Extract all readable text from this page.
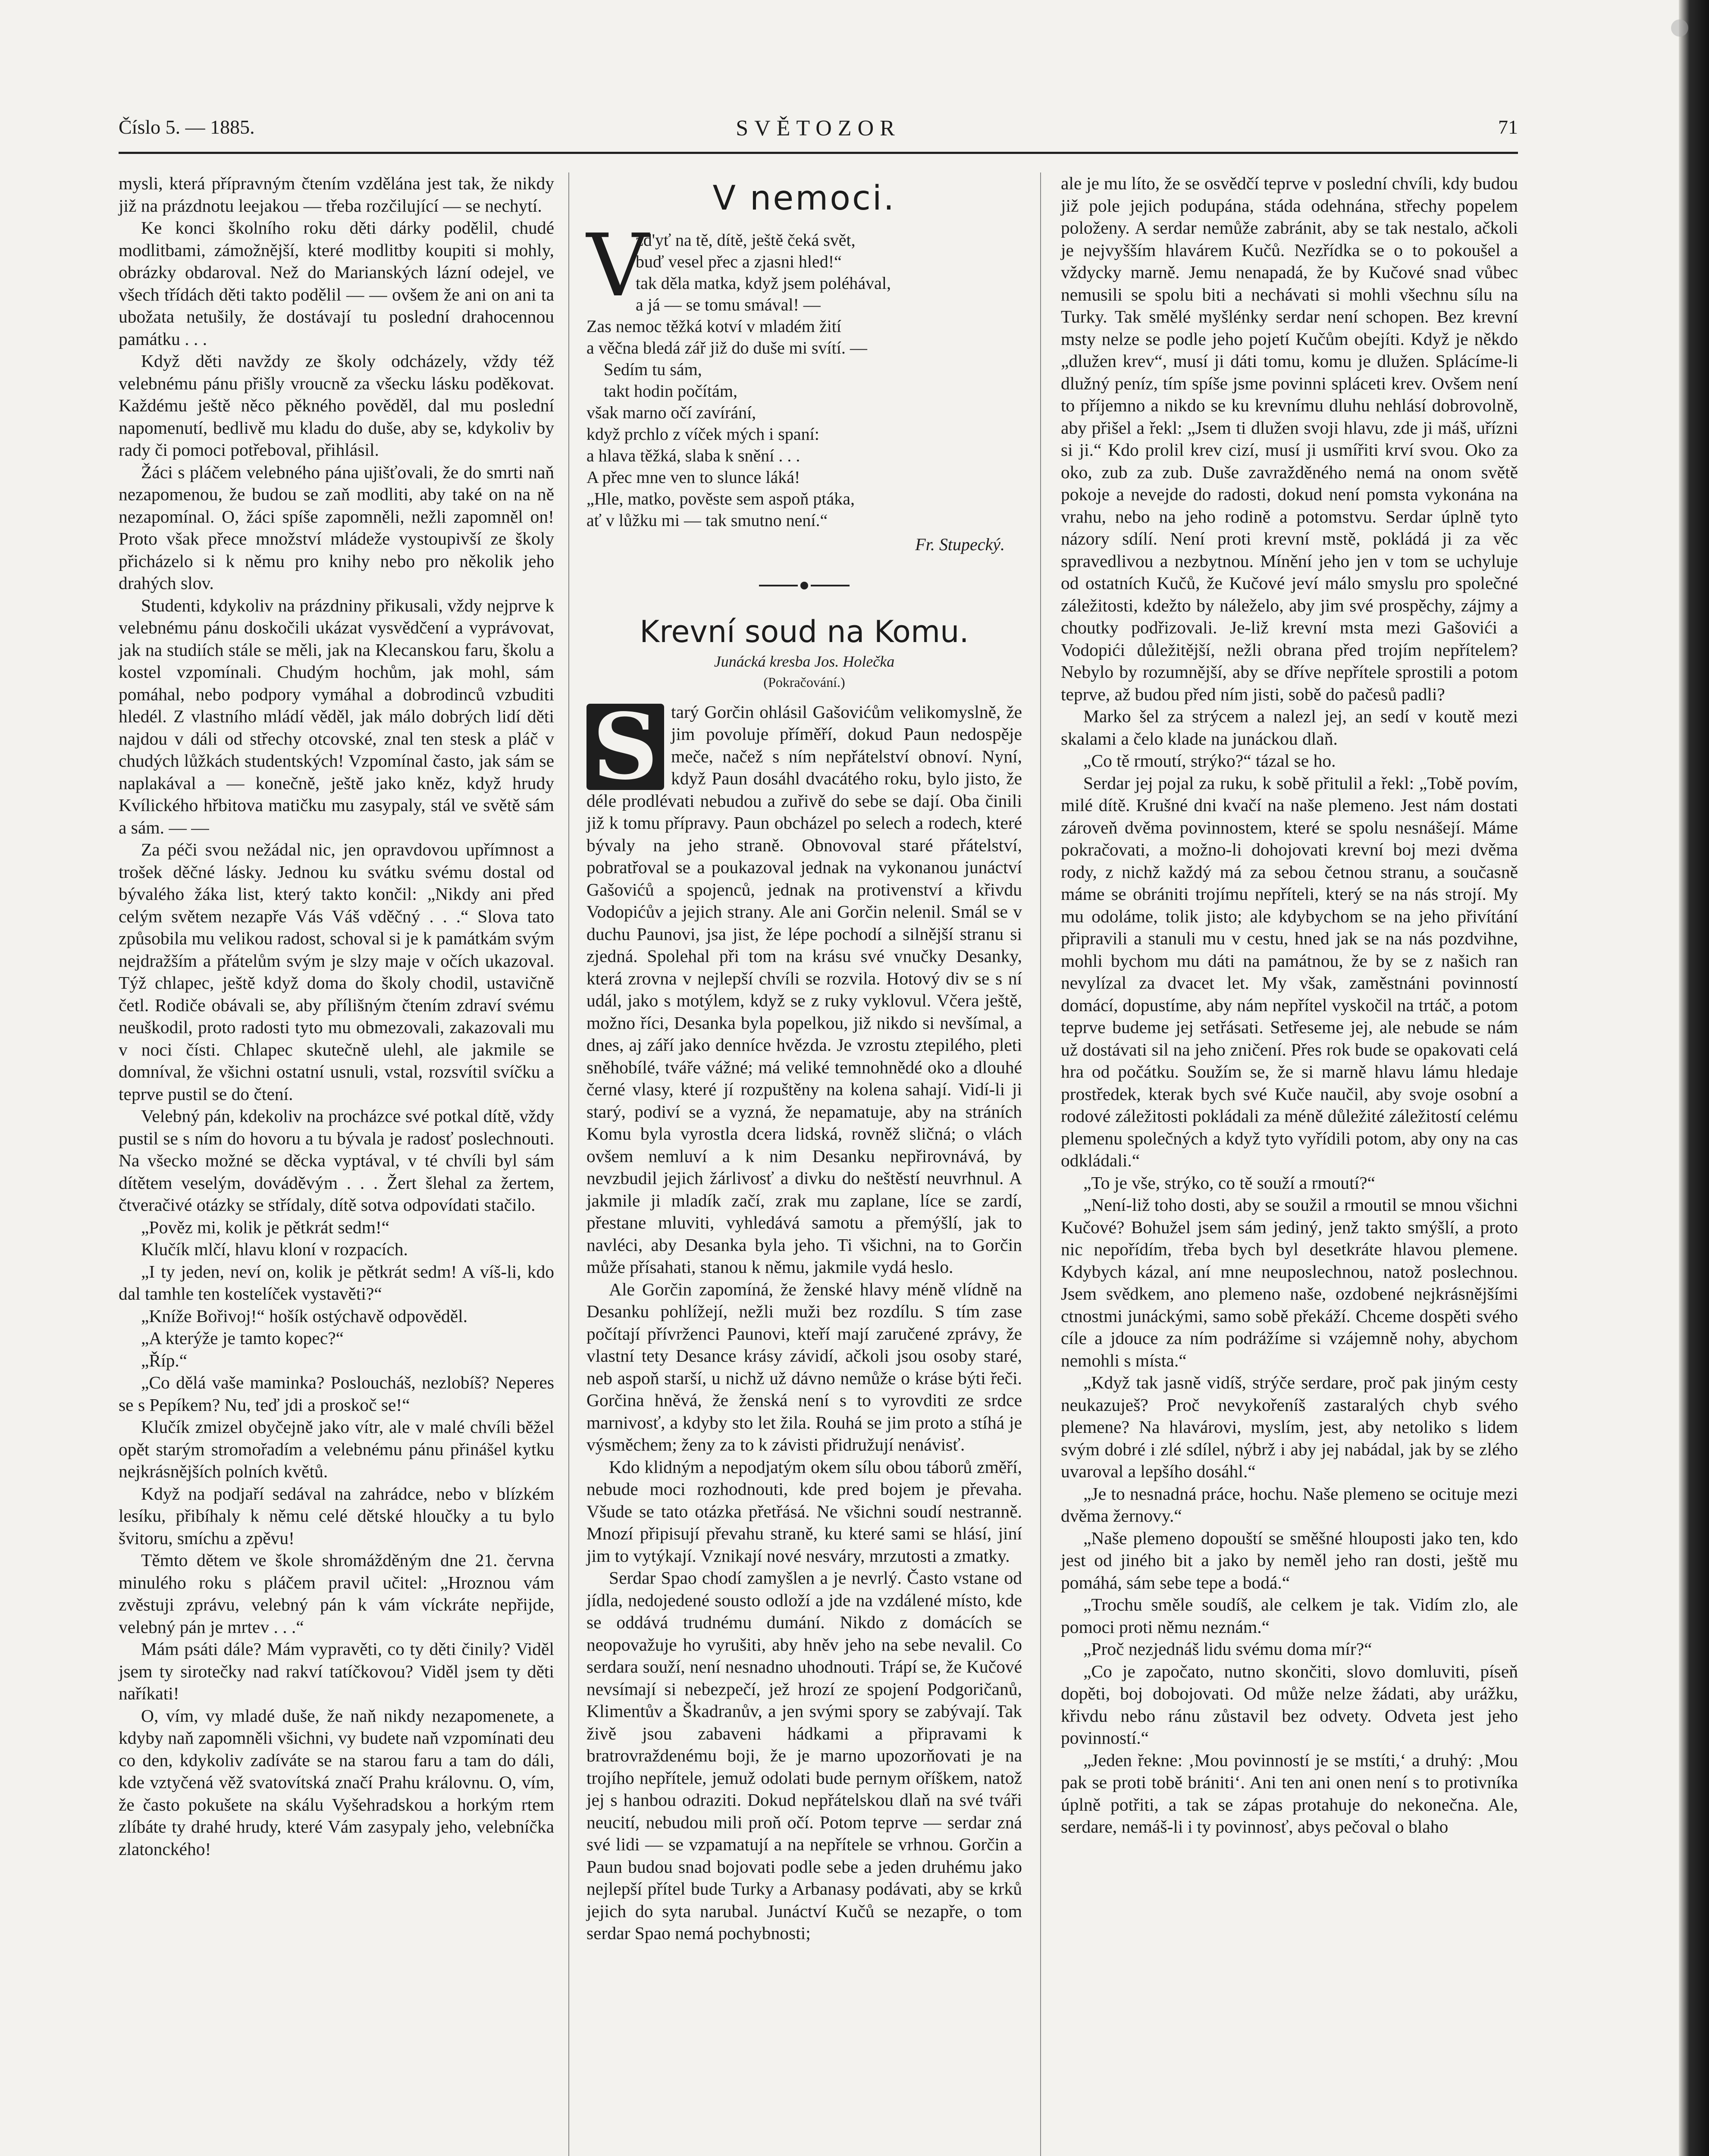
Číslo 5. — 1885.	SVĚTOZOR	71

mysli, která přípravným čtením vzdělána jest tak, že nikdy již na prázdnotu leejakou — třeba rozčilující — se nechytí.

Ke konci školního roku děti dárky podělil, chudé modlitbami, zámožnější, které modlitby koupiti si mohly, obrázky obdaroval. Než do Marianských lázní odejel, ve všech třídách děti takto podělil — — ovšem že ani on ani ta ubožata netušily, že dostávají tu poslední drahocennou památku . . .

Když děti navždy ze školy odcházely, vždy též velebnému pánu přišly vroucně za všecku lásku poděkovat. Každému ještě něco pěkného pověděl, dal mu poslední napomenutí, bedlivě mu kladu do duše, aby se, kdykoliv by rady či pomoci potřeboval, přihlásil.

Žáci s pláčem velebného pána ujišťovali, že do smrti naň nezapomenou, že budou se zaň modliti, aby také on na ně nezapomínal. O, žáci spíše zapomněli, nežli zapomněl on! Proto však přece množství mládeže vystoupivší ze školy přicházelo si k němu pro knihy nebo pro několik jeho drahých slov.

Studenti, kdykoliv na prázdniny přikusali, vždy nejprve k velebnému pánu doskočili ukázat vysvědčení a vyprávovat, jak na studiích stále se měli, jak na Klecanskou faru, školu a kostel vzpomínali. Chudým hochům, jak mohl, sám pomáhal, nebo podpory vymáhal a dobrodinců vzbuditi hledél. Z vlastního mládí věděl, jak málo dobrých lidí děti najdou v dáli od střechy otcovské, znal ten stesk a pláč v chudých lůžkách studentských! Vzpomínal často, jak sám se naplakával a — konečně, ještě jako kněz, když hrudy Kvílického hřbitova matičku mu zasypaly, stál ve světě sám a sám. — —

Za péči svou nežádal nic, jen opravdovou upřímnost a trošek děčné lásky. Jednou ku svátku svému dostal od bývalého žáka list, který takto končil: „Nikdy ani před celým světem nezapře Vás Váš vděčný . . .“ Slova tato způsobila mu velikou radost, schoval si je k památkám svým nejdražším a přátelům svým je slzy maje v očích ukazoval. Týž chlapec, ještě když doma do školy chodil, ustavičně četl. Rodiče obávali se, aby přílišným čtením zdraví svému neuškodil, proto radosti tyto mu obmezovali, zakazovali mu v noci čísti. Chlapec skutečně ulehl, ale jakmile se domníval, že všichni ostatní usnuli, vstal, rozsvítil svíčku a teprve pustil se do čtení.

Velebný pán, kdekoliv na procházce své potkal dítě, vždy pustil se s ním do hovoru a tu bývala je radosť poslechnouti. Na všecko možné se děcka vyptával, v té chvíli byl sám dítětem veselým, dováděvým . . . Žert šlehal za žertem, čtveračivé otázky se střídaly, dítě sotva odpovídati stačilo.

„Pověz mi, kolik je pětkrát sedm!“

Klučík mlčí, hlavu kloní v rozpacích.

„I ty jeden, neví on, kolik je pětkrát sedm! A víš-li, kdo dal tamhle ten kostelíček vystavěti?“

„Kníže Bořivoj!“ hošík ostýchavě odpověděl.

„A kterýže je tamto kopec?“

„Říp.“

„Co dělá vaše maminka? Posloucháš, nezlobíš? Neperes se s Pepíkem? Nu, teď jdi a proskoč se!“

Klučík zmizel obyčejně jako vítr, ale v malé chvíli běžel opět starým stromořadím a velebnému pánu přinášel kytku nejkrásnějších polních květů.

Když na podjaří sedával na zahrádce, nebo v blízkém lesíku, přibíhaly k němu celé dětské hloučky a tu bylo švitoru, smíchu a zpěvu!

Těmto dětem ve škole shromážděným dne 21. června minulého roku s pláčem pravil učitel: „Hroznou vám zvěstuji zprávu, velebný pán k vám víckráte nepřijde, velebný pán je mrtev . . .“

Mám psáti dále? Mám vypravěti, co ty děti činily? Viděl jsem ty sirotečky nad rakví tatíčkovou? Viděl jsem ty děti naříkati!

O, vím, vy mladé duše, že naň nikdy nezapomenete, a kdyby naň zapomněli všichni, vy budete naň vzpomínati deu co den, kdykoliv zadíváte se na starou faru a tam do dáli, kde vztyčená věž svatovítská značí Prahu královnu. O, vím, že často pokušete na skálu Vyšehradskou a horkým rtem zlíbáte ty drahé hrudy, které Vám zasypaly jeho, velebníčka zlatonckého!

V nemoci.
V
žd'yť na tě, dítě, ještě čeká svět,
buď vesel přec a zjasni hled!“
tak děla matka, když jsem poléhával,
a já — se tomu smával! —
Zas nemoc těžká kotví v mladém žití
a věčna bledá zář již do duše mi svítí. —
Sedím tu sám,
takt hodin počítám,
však marno očí zavírání,
když prchlo z víček mých i spaní:
a hlava těžká, slaba k snění . . .
A přec mne ven to slunce láká!
„Hle, matko, pověste sem aspoň ptáka,
ať v lůžku mi — tak smutno není.“
Fr. Stupecký.
Krevní soud na Komu.
Junácká kresba Jos. Holečka
(Pokračování.)
S tarý Gorčin ohlásil Gašovićům velikomyslně, že jim povoluje příměří, dokud Paun nedospěje meče, načež s ním nepřátelství obnoví. Nyní, když Paun dosáhl dvacátého roku, bylo jisto, že déle prodlévati nebudou a zuřivě do sebe se dají. Oba činili již k tomu přípravy. Paun obcházel po selech a rodech, které bývaly na jeho straně. Obnovoval staré přátelství, pobratřoval se a poukazoval jednak na vykonanou junáctví Gašovićů a spojenců, jednak na protivenství a křivdu Vodopićův a jejich strany. Ale ani Gorčin nelenil. Smál se v duchu Paunovi, jsa jist, že lépe pochodí a silnější stranu si zjedná. Spolehal při tom na krásu své vnučky Desanky, která zrovna v nejlepší chvíli se rozvila. Hotový div se s ní udál, jako s motýlem, když se z ruky vyklovul. Včera ještě, možno říci, Desanka byla popelkou, již nikdo si nevšímal, a dnes, aj září jako denníce hvězda. Je vzrostu ztepilého, pleti sněhobílé, tváře vážné; má veliké temnohnědé oko a dlouhé černé vlasy, které jí rozpuštěny na kolena sahají. Vidí-li ji starý, podiví se a vyzná, že nepamatuje, aby na stráních Komu byla vyrostla dcera lidská, rovněž sličná; o vlách ovšem nemluví a k nim Desanku nepřirovnává, by nevzbudil jejich žárlivosť a divku do neštěstí neuvrhnul. A jakmile ji mladík začí, zrak mu zaplane, líce se zardí, přestane mluviti, vyhledává samotu a přemýšlí, jak to navléci, aby Desanka byla jeho. Ti všichni, na to Gorčin může přísahati, stanou k němu, jakmile vydá heslo.

Ale Gorčin zapomíná, že ženské hlavy méně vlídně na Desanku pohlížejí, nežli muži bez rozdílu. S tím zase počítají přívrženci Paunovi, kteří mají zaručené zprávy, že vlastní tety Desance krásy závidí, ačkoli jsou osoby staré, neb aspoň starší, u nichž už dávno nemůže o kráse býti řeči. Gorčina hněvá, že ženská není s to vyrovditi ze srdce marnivosť, a kdyby sto let žila. Rouhá se jim proto a stíhá je výsměchem; ženy za to k závisti přidružují nenávisť.

Kdo klidným a nepodjatým okem sílu obou táborů změří, nebude moci rozhodnouti, kde pred bojem je převaha. Všude se tato otázka přetřásá. Ne všichni soudí nestranně. Mnozí připisují převahu straně, ku které sami se hlásí, jiní jim to vytýkají. Vznikají nové nesváry, mrzutosti a zmatky.

Serdar Spao chodí zamyšlen a je nevrlý. Často vstane od jídla, nedojedené sousto odloží a jde na vzdálené místo, kde se oddává trudnému dumání. Nikdo z domácích se neopovažuje ho vyrušiti, aby hněv jeho na sebe nevalil. Co serdara souží, není nesnadno uhodnouti. Trápí se, že Kučové nevsímají si nebezpečí, jež hrozí ze spojení Podgoričanů, Klimentův a Škadranův, a jen svými spory se zabývají. Tak živě jsou zabaveni hádkami a připravami k bratrovraždenému boji, že je marno upozorňovati je na trojího nepřítele, jemuž odolati bude pernym oříškem, natož jej s hanbou odraziti. Dokud nepřátelskou dlaň na své tváři neucití, nebudou mili proň očí. Potom teprve — serdar zná své lidi — se vzpamatují a na nepřítele se vrhnou. Gorčin a Paun budou snad bojovati podle sebe a jeden druhému jako nejlepší přítel bude Turky a Arbanasy podávati, aby se krků jejich do syta narubal. Junáctví Kučů se nezapře, o tom serdar Spao nemá pochybnosti;

ale je mu líto, že se osvědčí teprve v poslední chvíli, kdy budou již pole jejich podupána, stáda odehnána, střechy popelem položeny. A serdar nemůže zabránit, aby se tak nestalo, ačkoli je nejvyšším hlavárem Kučů. Nezřídka se o to pokoušel a vždycky marně. Jemu nenapadá, že by Kučové snad vůbec nemusili se spolu biti a nechávati si mohli všechnu sílu na Turky. Tak smělé myšlénky serdar není schopen. Bez krevní msty nelze se podle jeho pojetí Kučům obejíti. Když je někdo „dlužen krev“, musí ji dáti tomu, komu je dlužen. Splácíme-li dlužný peníz, tím spíše jsme povinni spláceti krev. Ovšem není to příjemno a nikdo se ku krevnímu dluhu nehlásí dobrovolně, aby přišel a řekl: „Jsem ti dlužen svoji hlavu, zde ji máš, uřízni si ji.“ Kdo prolil krev cizí, musí ji usmířiti krví svou. Oko za oko, zub za zub. Duše zavražděného nemá na onom světě pokoje a nevejde do radosti, dokud není pomsta vykonána na vrahu, nebo na jeho rodině a potomstvu. Serdar úplně tyto názory sdílí. Není proti krevní mstě, pokládá ji za věc spravedlivou a nezbytnou. Mínění jeho jen v tom se uchyluje od ostatních Kučů, že Kučové jeví málo smyslu pro společné záležitosti, kdežto by náleželo, aby jim své prospěchy, zájmy a choutky podřizovali. Je-liž krevní msta mezi Gašovići a Vodopići důležitější, nežli obrana před trojím nepřítelem? Nebylo by rozumnější, aby se dříve nepřítele sprostili a potom teprve, až budou před ním jisti, sobě do pačesů padli?

Marko šel za strýcem a nalezl jej, an sedí v koutě mezi skalami a čelo klade na junáckou dlaň.

„Co tě rmoutí, strýko?“ tázal se ho.

Serdar jej pojal za ruku, k sobě přitulil a řekl: „Tobě povím, milé dítě. Krušné dni kvačí na naše plemeno. Jest nám dostati zároveň dvěma povinnostem, které se spolu nesnášejí. Máme pokračovati, a možno-li dohojovati krevní boj mezi dvěma rody, z nichž každý má za sebou četnou stranu, a současně máme se obrániti trojímu nepříteli, který se na nás strojí. My mu odoláme, tolik jisto; ale kdybychom se na jeho přivítání připravili a stanuli mu v cestu, hned jak se na nás pozdvihne, mohli bychom mu dáti na památnou, že by se z našich ran nevylízal za dvacet let. My však, zaměstnáni povinností domácí, dopustíme, aby nám nepřítel vyskočil na trtáč, a potom teprve budeme jej setřásati. Setřeseme jej, ale nebude se nám už dostávati sil na jeho zničení. Přes rok bude se opakovati celá hra od počátku. Soužím se, že si marně hlavu lámu hledaje prostředek, kterak bych své Kuče naučil, aby svoje osobní a rodové záležitosti pokládali za méně důležité záležitostí celému plemenu společných a když tyto vyřídili potom, aby ony na cas odkládali.“

„To je vše, strýko, co tě souží a rmoutí?“

„Není-liž toho dosti, aby se soužil a rmoutil se mnou všichni Kučové? Bohužel jsem sám jediný, jenž takto smýšlí, a proto nic nepořídím, třeba bych byl desetkráte hlavou plemene. Kdybych kázal, aní mne neuposlechnou, natož poslechnou. Jsem svědkem, ano plemeno naše, ozdobené nejkrásnějšími ctnostmi junáckými, samo sobě překáží. Chceme dospěti svého cíle a jdouce za ním podrážíme si vzájemně nohy, abychom nemohli s místa.“

„Když tak jasně vidíš, strýče serdare, proč pak jiným cesty neukazuješ? Proč nevykořeníš zastaralých chyb svého plemene? Na hlavárovi, myslím, jest, aby netoliko s lidem svým dobré i zlé sdílel, nýbrž i aby jej nabádal, jak by se zlého uvaroval a lepšího dosáhl.“

„Je to nesnadná práce, hochu. Naše plemeno se ocituje mezi dvěma žernovy.“

„Naše plemeno dopouští se směšné hlouposti jako ten, kdo jest od jiného bit a jako by neměl jeho ran dosti, ještě mu pomáhá, sám sebe tepe a bodá.“

„Trochu směle soudíš, ale celkem je tak. Vidím zlo, ale pomoci proti němu neznám.“

„Proč nezjednáš lidu svému doma mír?“

„Co je započato, nutno skončiti, slovo domluviti, píseň dopěti, boj dobojovati. Od může nelze žádati, aby urážku, křivdu nebo ránu zůstavil bez odvety. Odveta jest jeho povinností.“

„Jeden řekne: ‚Mou povinností je se mstíti,‘ a druhý: ‚Mou pak se proti tobě brániti‘. Ani ten ani onen není s to protivníka úplně potřiti, a tak se zápas protahuje do nekonečna. Ale, serdare, nemáš-li i ty povinnosť, abys pečoval o blaho
